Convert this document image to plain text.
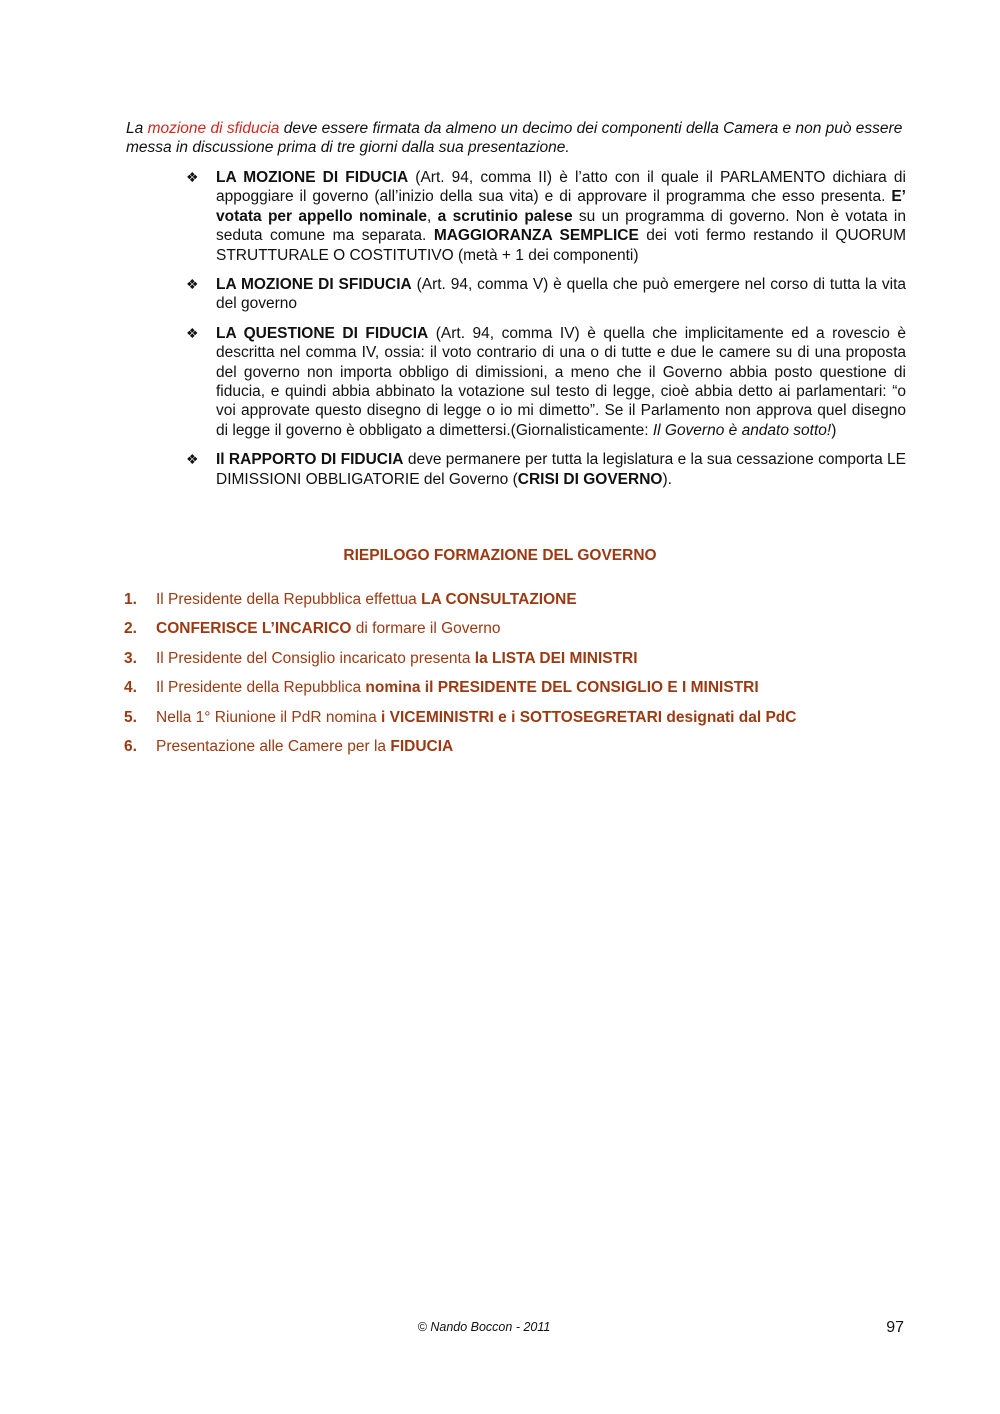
La mozione di sfiducia deve essere firmata da almeno un decimo dei componenti della Camera e non può essere messa in discussione prima di tre giorni dalla sua presentazione.

❖ LA MOZIONE DI FIDUCIA (Art. 94, comma II) è l’atto con il quale il PARLAMENTO dichiara di appoggiare il governo (all’inizio della sua vita) e di approvare il programma che esso presenta. E’ votata per appello nominale, a scrutinio palese su un programma di governo. Non è votata in seduta comune ma separata. MAGGIORANZA SEMPLICE dei voti fermo restando il QUORUM STRUTTURALE O COSTITUTIVO (metà + 1 dei componenti)
❖ LA MOZIONE DI SFIDUCIA (Art. 94, comma V) è quella che può emergere nel corso di tutta la vita del governo
❖ LA QUESTIONE DI FIDUCIA (Art. 94, comma IV) è quella che implicitamente ed a rovescio è descritta nel comma IV, ossia: il voto contrario di una o di tutte e due le camere su di una proposta del governo non importa obbligo di dimissioni, a meno che il Governo abbia posto questione di fiducia, e quindi abbia abbinato la votazione sul testo di legge, cioè abbia detto ai parlamentari: “o voi approvate questo disegno di legge o io mi dimetto”. Se il Parlamento non approva quel disegno di legge il governo è obbligato a dimettersi.(Giornalisticamente: Il Governo è andato sotto!)
❖ Il RAPPORTO DI FIDUCIA deve permanere per tutta la legislatura e la sua cessazione comporta LE DIMISSIONI OBBLIGATORIE del Governo (CRISI DI GOVERNO).
RIEPILOGO FORMAZIONE DEL GOVERNO
1. Il Presidente della Repubblica effettua LA CONSULTAZIONE
2. CONFERISCE L’INCARICO di formare il Governo
3. Il Presidente del Consiglio incaricato presenta la LISTA DEI MINISTRI
4. Il Presidente della Repubblica nomina il PRESIDENTE DEL CONSIGLIO E I MINISTRI
5. Nella 1° Riunione il PdR nomina i VICEMINISTRI e i SOTTOSEGRETARI designati dal PdC
6. Presentazione alle Camere per la FIDUCIA
© Nando Boccon - 2011	97
